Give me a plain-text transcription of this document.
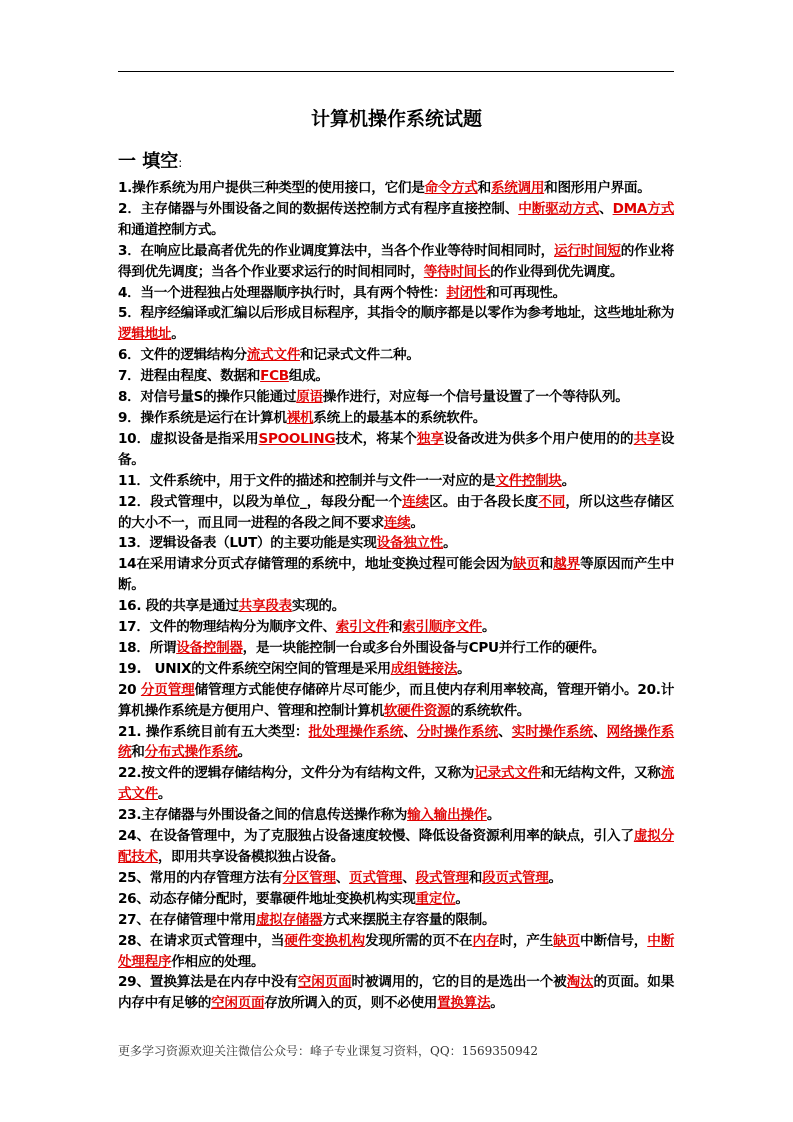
计算机操作系统试题
一 填空:

1.操作系统为用户提供三种类型的使用接口，它们是命令方式和系统调用和图形用户界面。

2．主存储器与外围设备之间的数据传送控制方式有程序直接控制、中断驱动方式、DMA方式和通道控制方式。

3．在响应比最高者优先的作业调度算法中，当各个作业等待时间相同时，运行时间短的作业将得到优先调度；当各个作业要求运行的时间相同时，等待时间长的作业得到优先调度。

4．当一个进程独占处理器顺序执行时，具有两个特性：封闭性和可再现性。

5．程序经编译或汇编以后形成目标程序，其指令的顺序都是以零作为参考地址，这些地址称为逻辑地址。

6．文件的逻辑结构分流式文件和记录式文件二种。

7．进程由程度、数据和FCB组成。

8．对信号量S的操作只能通过原语操作进行，对应每一个信号量设置了一个等待队列。

9．操作系统是运行在计算机裸机系统上的最基本的系统软件。

10．虚拟设备是指采用SPOOLING技术，将某个独享设备改进为供多个用户使用的的共享设备。

11．文件系统中，用于文件的描述和控制并与文件一一对应的是文件控制块。

12．段式管理中，以段为单位_，每段分配一个连续区。由于各段长度不同，所以这些存储区的大小不一，而且同一进程的各段之间不要求连续。

13．逻辑设备表（LUT）的主要功能是实现设备独立性。

14在采用请求分页式存储管理的系统中，地址变换过程可能会因为缺页和越界等原因而产生中断。

16. 段的共享是通过共享段表实现的。

17．文件的物理结构分为顺序文件、索引文件和索引顺序文件。

18．所谓设备控制器，是一块能控制一台或多台外围设备与CPU并行工作的硬件。

19.　UNIX的文件系统空闲空间的管理是采用成组链接法。

20 分页管理储管理方式能使存储碎片尽可能少，而且使内存利用率较高，管理开销小。20.计算机操作系统是方便用户、管理和控制计算机软硬件资源的系统软件。

21. 操作系统目前有五大类型：批处理操作系统、分时操作系统、实时操作系统、网络操作系统和分布式操作系统。

22.按文件的逻辑存储结构分，文件分为有结构文件，又称为记录式文件和无结构文件，又称流式文件。

23.主存储器与外围设备之间的信息传送操作称为输入输出操作。

24、在设备管理中，为了克服独占设备速度较慢、降低设备资源利用率的缺点，引入了虚拟分配技术，即用共享设备模拟独占设备。

25、常用的内存管理方法有分区管理、页式管理、段式管理和段页式管理。

26、动态存储分配时，要靠硬件地址变换机构实现重定位。

27、在存储管理中常用虚拟存储器方式来摆脱主存容量的限制。

28、在请求页式管理中，当硬件变换机构发现所需的页不在内存时，产生缺页中断信号，中断处理程序作相应的处理。

29、置换算法是在内存中没有空闲页面时被调用的，它的目的是选出一个被淘汰的页面。如果内存中有足够的空闲页面存放所调入的页，则不必使用置换算法。

更多学习资源欢迎关注微信公众号：峰子专业课复习资料，QQ：1569350942
